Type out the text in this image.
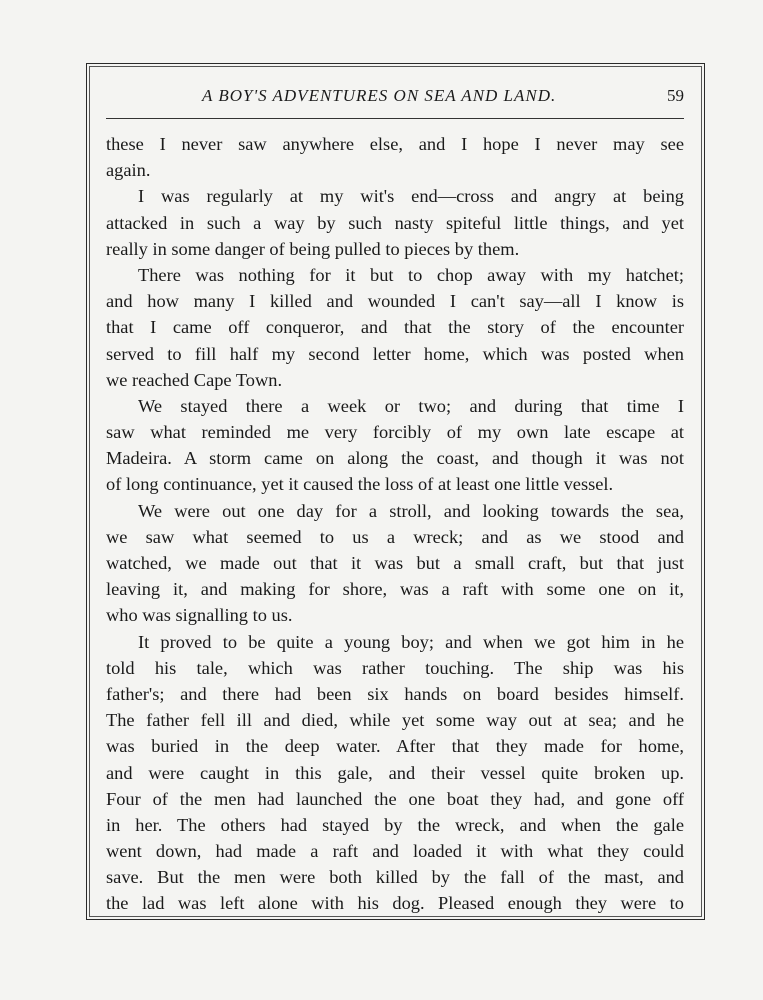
A BOY'S ADVENTURES ON SEA AND LAND.	59
these I never saw anywhere else, and I hope I never may see
again.
I was regularly at my wit's end—cross and angry at being
attacked in such a way by such nasty spiteful little things, and yet
really in some danger of being pulled to pieces by them.
There was nothing for it but to chop away with my hatchet;
and how many I killed and wounded I can't say—all I know is
that I came off conqueror, and that the story of the encounter
served to fill half my second letter home, which was posted when
we reached Cape Town.
We stayed there a week or two; and during that time I
saw what reminded me very forcibly of my own late escape at
Madeira. A storm came on along the coast, and though it was not
of long continuance, yet it caused the loss of at least one little vessel.
We were out one day for a stroll, and looking towards the sea,
we saw what seemed to us a wreck; and as we stood and
watched, we made out that it was but a small craft, but that just
leaving it, and making for shore, was a raft with some one on it,
who was signalling to us.
It proved to be quite a young boy; and when we got him in he
told his tale, which was rather touching. The ship was his
father's; and there had been six hands on board besides himself.
The father fell ill and died, while yet some way out at sea; and he
was buried in the deep water. After that they made for home,
and were caught in this gale, and their vessel quite broken up.
Four of the men had launched the one boat they had, and gone off
in her. The others had stayed by the wreck, and when the gale
went down, had made a raft and loaded it with what they could
save. But the men were both killed by the fall of the mast, and
the lad was left alone with his dog. Pleased enough they were to
